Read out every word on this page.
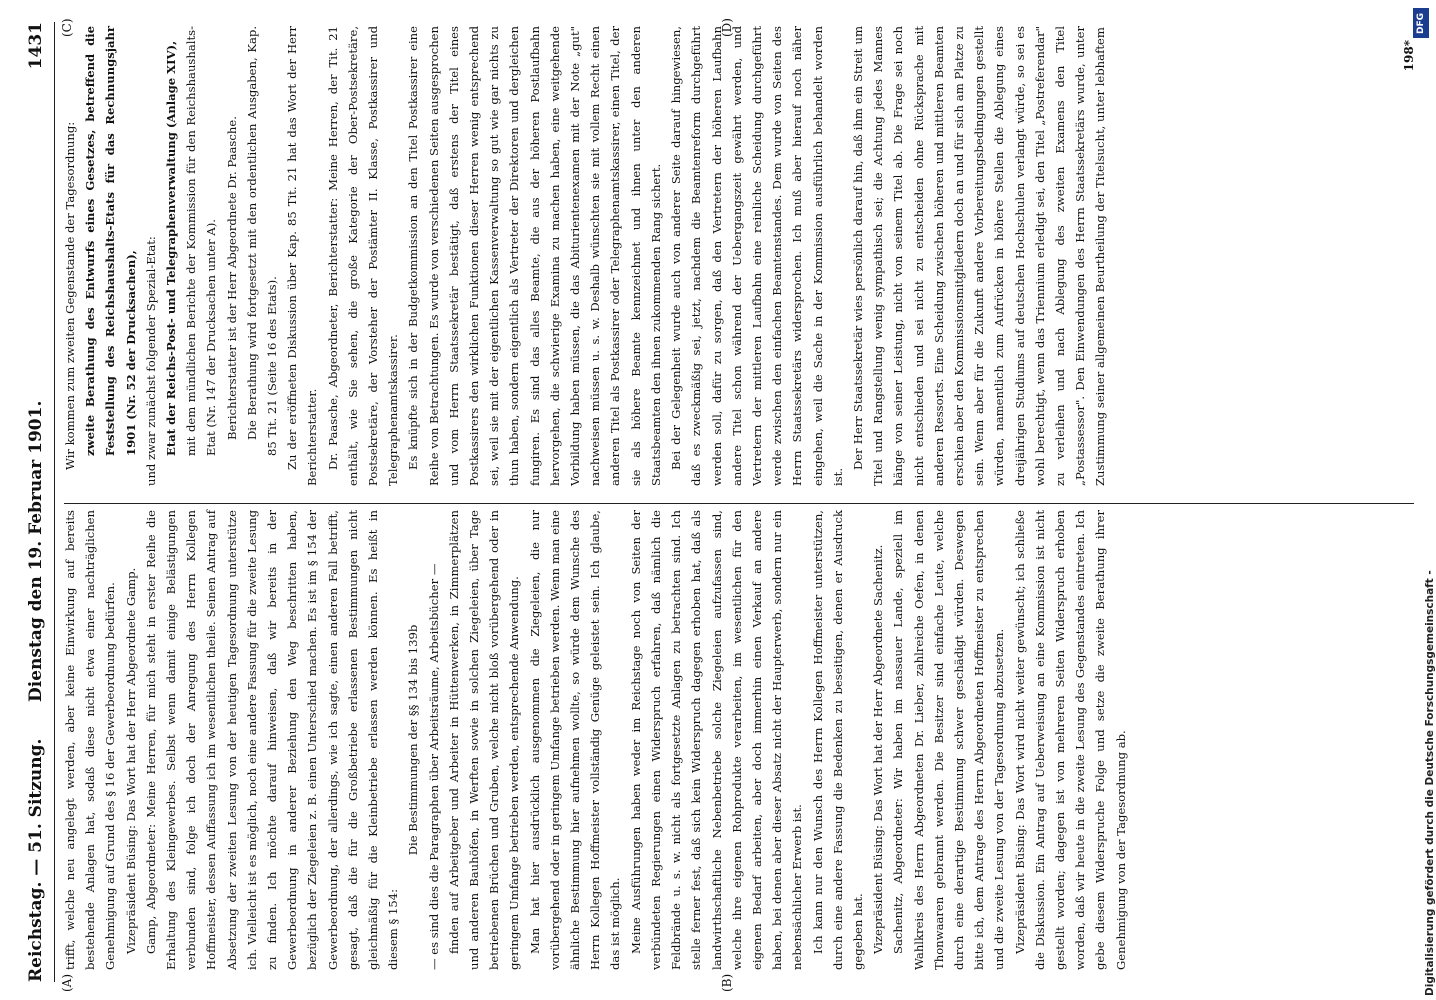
Reichstag. — 51. Sitzung.
Dienstag den 19. Februar 1901.
1431
(A)	(B)
(C)	(D)

trifft, welche neu angelegt werden, aber keine Einwirkung auf bereits bestehende Anlagen hat, sodaß diese nicht etwa einer nachträglichen Genehmigung auf Grund des § 16 der Gewerbeordnung bedürfen. Vizepräsident Büsing: Das Wort hat der Herr Abgeordnete Gamp. Gamp, Abgeordneter: Meine Herren, für mich steht in erster Reihe die Erhaltung des Kleingewerbes. Selbst wenn damit einige Belästigungen verbunden sind, folge ich doch der Anregung des Herrn Kollegen Hoffmeister, dessen Auffassung ich im wesentlichen theile. Seinen Antrag auf Absetzung der zweiten Lesung von der heutigen Tagesordnung unterstütze ich. Vielleicht ist es möglich, noch eine andere Fassung für die zweite Lesung zu finden. Ich möchte darauf hinweisen, daß wir bereits in der Gewerbeordnung in anderer Beziehung den Weg beschritten haben, bezüglich der Ziegeleien z. B. einen Unterschied machen. Es ist im § 154 der Gewerbeordnung, der allerdings, wie ich sagte, einen anderen Fall betrifft, gesagt, daß die für die Großbetriebe erlassenen Bestimmungen nicht gleichmäßig für die Kleinbetriebe erlassen werden können. Es heißt in diesem § 154:

Die Bestimmungen der §§ 134 bis 139b — es sind dies die Paragraphen über Arbeitsräume, Arbeitsbücher — finden auf Arbeitgeber und Arbeiter in Hüttenwerken, in Zimmerplätzen und anderen Bauhöfen, in Werften sowie in solchen Ziegeleien, über Tage betriebenen Brüchen und Gruben, welche nicht bloß vorübergehend oder in geringem Umfange betrieben werden, entsprechende Anwendung. Man hat hier ausdrücklich ausgenommen die Ziegeleien, die nur vorübergehend oder in geringem Umfange betrieben werden. Wenn man eine ähnliche Bestimmung hier aufnehmen wollte, so würde dem Wunsche des Herrn Kollegen Hoffmeister vollständig Genüge geleistet sein. Ich glaube, das ist möglich. Meine Ausführungen haben weder im Reichstage noch von Seiten der verbündeten Regierungen einen Widerspruch erfahren, daß nämlich die Feldbrände u. s. w. nicht als fortgesetzte Anlagen zu betrachten sind. Ich stelle ferner fest, daß sich kein Widerspruch dagegen erhoben hat, daß als landwirthschaftliche Nebenbetriebe solche Ziegeleien aufzufassen sind, welche ihre eigenen Rohprodukte verarbeiten, im wesentlichen für den eigenen Bedarf arbeiten, aber doch immerhin einen Verkauf an andere haben, bei denen aber dieser Absatz nicht der Haupterwerb, sondern nur ein nebensächlicher Erwerb ist. Ich kann nur den Wunsch des Herrn Kollegen Hoffmeister unterstützen, durch eine andere Fassung die Bedenken zu beseitigen, denen er Ausdruck gegeben hat. Vizepräsident Büsing: Das Wort hat der Herr Abgeordnete Sachenitz. Sachenitz, Abgeordneter: Wir haben im nassauer Lande, speziell im Wahlkreis des Herrn Abgeordneten Dr. Lieber, zahlreiche Oefen, in denen Thonwaaren gebrannt werden. Die Besitzer sind einfache Leute, welche durch eine derartige Bestimmung schwer geschädigt würden. Deswegen bitte ich, dem Antrage des Herrn Abgeordneten Hoffmeister zu entsprechen und die zweite Lesung von der Tagesordnung abzusetzen. Vizepräsident Büsing: Das Wort wird nicht weiter gewünscht; ich schließe die Diskussion. Ein Antrag auf Ueberweisung an eine Kommission ist nicht gestellt worden; dagegen ist von mehreren Seiten Widerspruch erhoben worden, daß wir heute in die zweite Lesung des Gegenstandes eintreten. Ich gebe diesem Widerspruche Folge und setze die zweite Berathung ihrer Genehmigung von der Tagesordnung ab.

Wir kommen zum zweiten Gegenstande der Tagesordnung: zweite Berathung des Entwurfs eines Gesetzes, betreffend die Feststellung des Reichshaushalts-Etats für das Rechnungsjahr 1901 (Nr. 52 der Drucksachen), und zwar zunächst folgender Spezial-Etat: Etat der Reichs-Post- und Telegraphenverwaltung (Anlage XIV), mit dem mündlichen Berichte der Kommission für den Reichshaushalts-Etat (Nr. 147 der Drucksachen unter A). Berichterstatter ist der Herr Abgeordnete Dr. Paasche. Die Berathung wird fortgesetzt mit den ordentlichen Ausgaben, Kap. 85 Tit. 21 (Seite 16 des Etats). Zu der eröffneten Diskussion über Kap. 85 Tit. 21 hat das Wort der Herr Berichterstatter. Dr. Paasche, Abgeordneter, Berichterstatter: Meine Herren, der Tit. 21 enthält, wie Sie sehen, die große Kategorie der Ober-Postsekretäre, Postsekretäre, der Vorsteher der Postämter II. Klasse, Postkassirer und Telegraphenamtskassirer. Es knüpfte sich in der Budgetkommission an den Titel Postkassirer eine Reihe von Betrachtungen. Es wurde von verschiedenen Seiten ausgesprochen und vom Herrn Staatssekretär bestätigt, daß erstens der Titel eines Postkassirers den wirklichen Funktionen dieser Herren wenig entsprechend sei, weil sie mit der eigentlichen Kassenverwaltung so gut wie gar nichts zu thun haben, sondern eigentlich als Vertreter der Direktoren und dergleichen fungiren. Es sind das alles Beamte, die aus der höheren Postlaufbahn hervorgehen, die schwierige Examina zu machen haben, eine weitgehende Vorbildung haben müssen, die das Abiturientenexamen mit der Note „gut" nachweisen müssen u. s. w. Deshalb wünschten sie mit vollem Recht einen anderen Titel als Postkassirer oder Telegraphenamtskassirer, einen Titel, der sie als höhere Beamte kennzeichnet und ihnen unter den anderen Staatsbeamten den ihnen zukommenden Rang sichert. Bei der Gelegenheit wurde auch von anderer Seite darauf hingewiesen, daß es zweckmäßig sei, jetzt, nachdem die Beamtenreform durchgeführt werden soll, dafür zu sorgen, daß den Vertretern der höheren Laufbahn andere Titel schon während der Uebergangszeit gewährt werden, und Vertretern der mittleren Laufbahn eine reinliche Scheidung durchgeführt werde zwischen den einfachen Beamtenstandes. Dem wurde von Seiten des Herrn Staatssekretärs widersprochen. Ich muß aber hierauf noch näher eingehen, weil die Sache in der Kommission ausführlich behandelt worden ist.

Der Herr Staatssekretär wies persönlich darauf hin, daß ihm ein Streit um Titel und Rangstellung wenig sympathisch sei; die Achtung jedes Mannes hänge von seiner Leistung, nicht von seinem Titel ab. Die Frage sei noch nicht entschieden und sei nicht zu entscheiden ohne Rücksprache mit anderen Ressorts. Eine Scheidung zwischen höheren und mittleren Beamten erschien aber den Kommissionsmitgliedern doch an und für sich am Platze zu sein. Wenn aber für die Zukunft andere Vorbereitungsbedingungen gestellt würden, namentlich zum Aufrücken in höhere Stellen die Ablegung eines dreijährigen Studiums auf deutschen Hochschulen verlangt würde, so sei es wohl berechtigt, wenn das Triennium erledigt sei, den Titel „Postreferendar" zu verleihen und nach Ablegung des zweiten Examens den Titel „Postassessor". Den Einwendungen des Herrn Staatssekretärs wurde, unter Zustimmung seiner allgemeinen Beurtheilung der Titelsucht, unter lebhaftem	198*
DFG
Digitalisierung gefördert durch die Deutsche Forschungsgemeinschaft -
